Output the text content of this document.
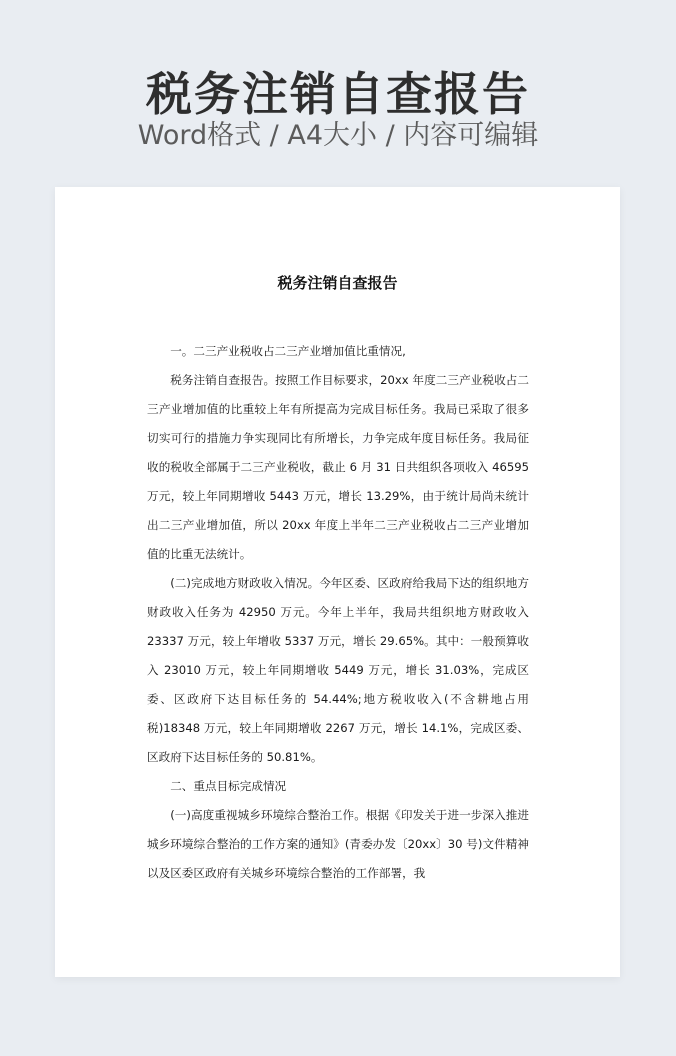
税务注销自查报告
Word格式 / A4大小 / 内容可编辑
税务注销自查报告

一。二三产业税收占二三产业增加值比重情况,

税务注销自查报告。按照工作目标要求，20xx 年度二三产业税收占二三产业增加值的比重较上年有所提高为完成目标任务。我局已采取了很多切实可行的措施力争实现同比有所增长，力争完成年度目标任务。我局征收的税收全部属于二三产业税收，截止 6 月 31 日共组织各项收入 46595 万元，较上年同期增收 5443 万元，增长 13.29%，由于统计局尚未统计出二三产业增加值，所以 20xx 年度上半年二三产业税收占二三产业增加值的比重无法统计。

(二)完成地方财政收入情况。今年区委、区政府给我局下达的组织地方财政收入任务为 42950 万元。今年上半年，我局共组织地方财政收入 23337 万元，较上年增收 5337 万元，增长 29.65%。其中：一般预算收入 23010 万元，较上年同期增收 5449 万元，增长 31.03%，完成区委、区政府下达目标任务的 54.44%;地方税收收入(不含耕地占用税)18348 万元，较上年同期增收 2267 万元，增长 14.1%，完成区委、区政府下达目标任务的 50.81%。

二、重点目标完成情况

(一)高度重视城乡环境综合整治工作。根据《印发关于进一步深入推进城乡环境综合整治的工作方案的通知》(青委办发〔20xx〕30 号)文件精神以及区委区政府有关城乡环境综合整治的工作部署，我
